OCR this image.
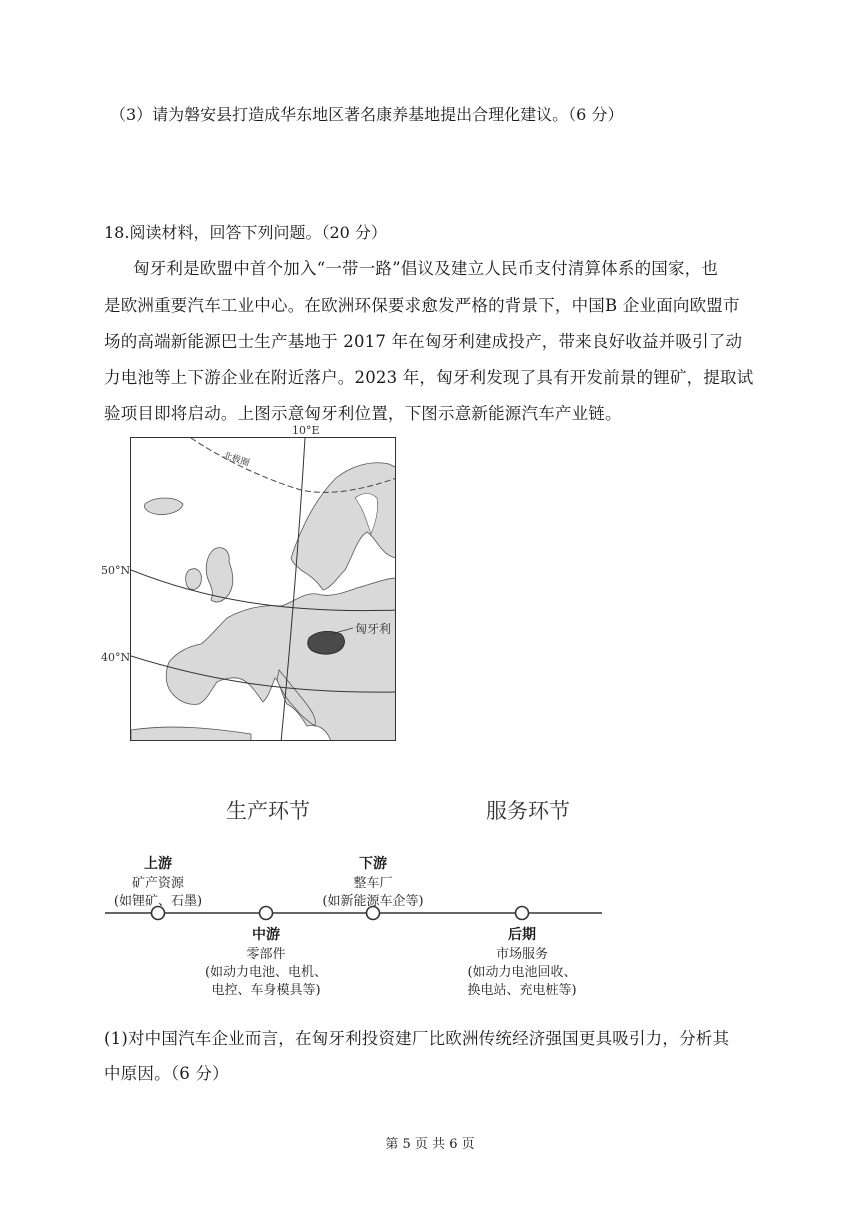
（3）请为磐安县打造成华东地区著名康养基地提出合理化建议。（6 分）
18.阅读材料，回答下列问题。（20 分）
匈牙利是欧盟中首个加入“一带一路”倡议及建立人民币支付清算体系的国家，也
是欧洲重要汽车工业中心。在欧洲环保要求愈发严格的背景下，中国B 企业面向欧盟市
场的高端新能源巴士生产基地于 2017 年在匈牙利建成投产，带来良好收益并吸引了动
力电池等上下游企业在附近落户。2023 年，匈牙利发现了具有开发前景的锂矿，提取试
验项目即将启动。上图示意匈牙利位置，下图示意新能源汽车产业链。
10°E
50°N
40°N
北极圈
匈牙利
生产环节	服务环节
上游
矿产资源
(如锂矿、石墨)
下游
整车厂
(如新能源车企等)
中游
零部件
(如动力电池、电机、
电控、车身模具等)
后期
市场服务
(如动力电池回收、
换电站、充电桩等)
(1)对中国汽车企业而言，在匈牙利投资建厂比欧洲传统经济强国更具吸引力，分析其
中原因。（6 分）
第 5 页 共 6 页
